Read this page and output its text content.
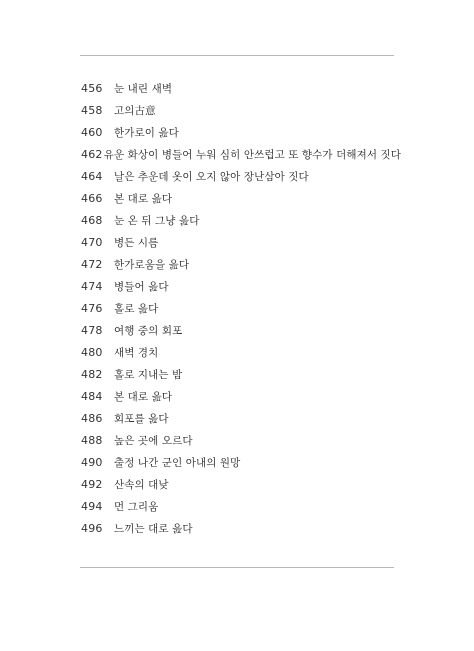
456	눈 내린 새벽
458	고의古意
460	한가로이 읊다
462 유운 화상이 병들어 누워 심히 안쓰럽고 또 향수가 더해져서 짓다
464	날은 추운데 옷이 오지 않아 장난삼아 짓다
466	본 대로 읊다
468	눈 온 뒤 그냥 읊다
470	병든 시름
472	한가로움을 읊다
474	병들어 읊다
476	홀로 읊다
478	여행 중의 회포
480	새벽 경치
482	홀로 지내는 밤
484	본 대로 읊다
486	회포를 읊다
488	높은 곳에 오르다
490	출정 나간 군인 아내의 원망
492	산속의 대낮
494	먼 그리움
496	느끼는 대로 읊다
